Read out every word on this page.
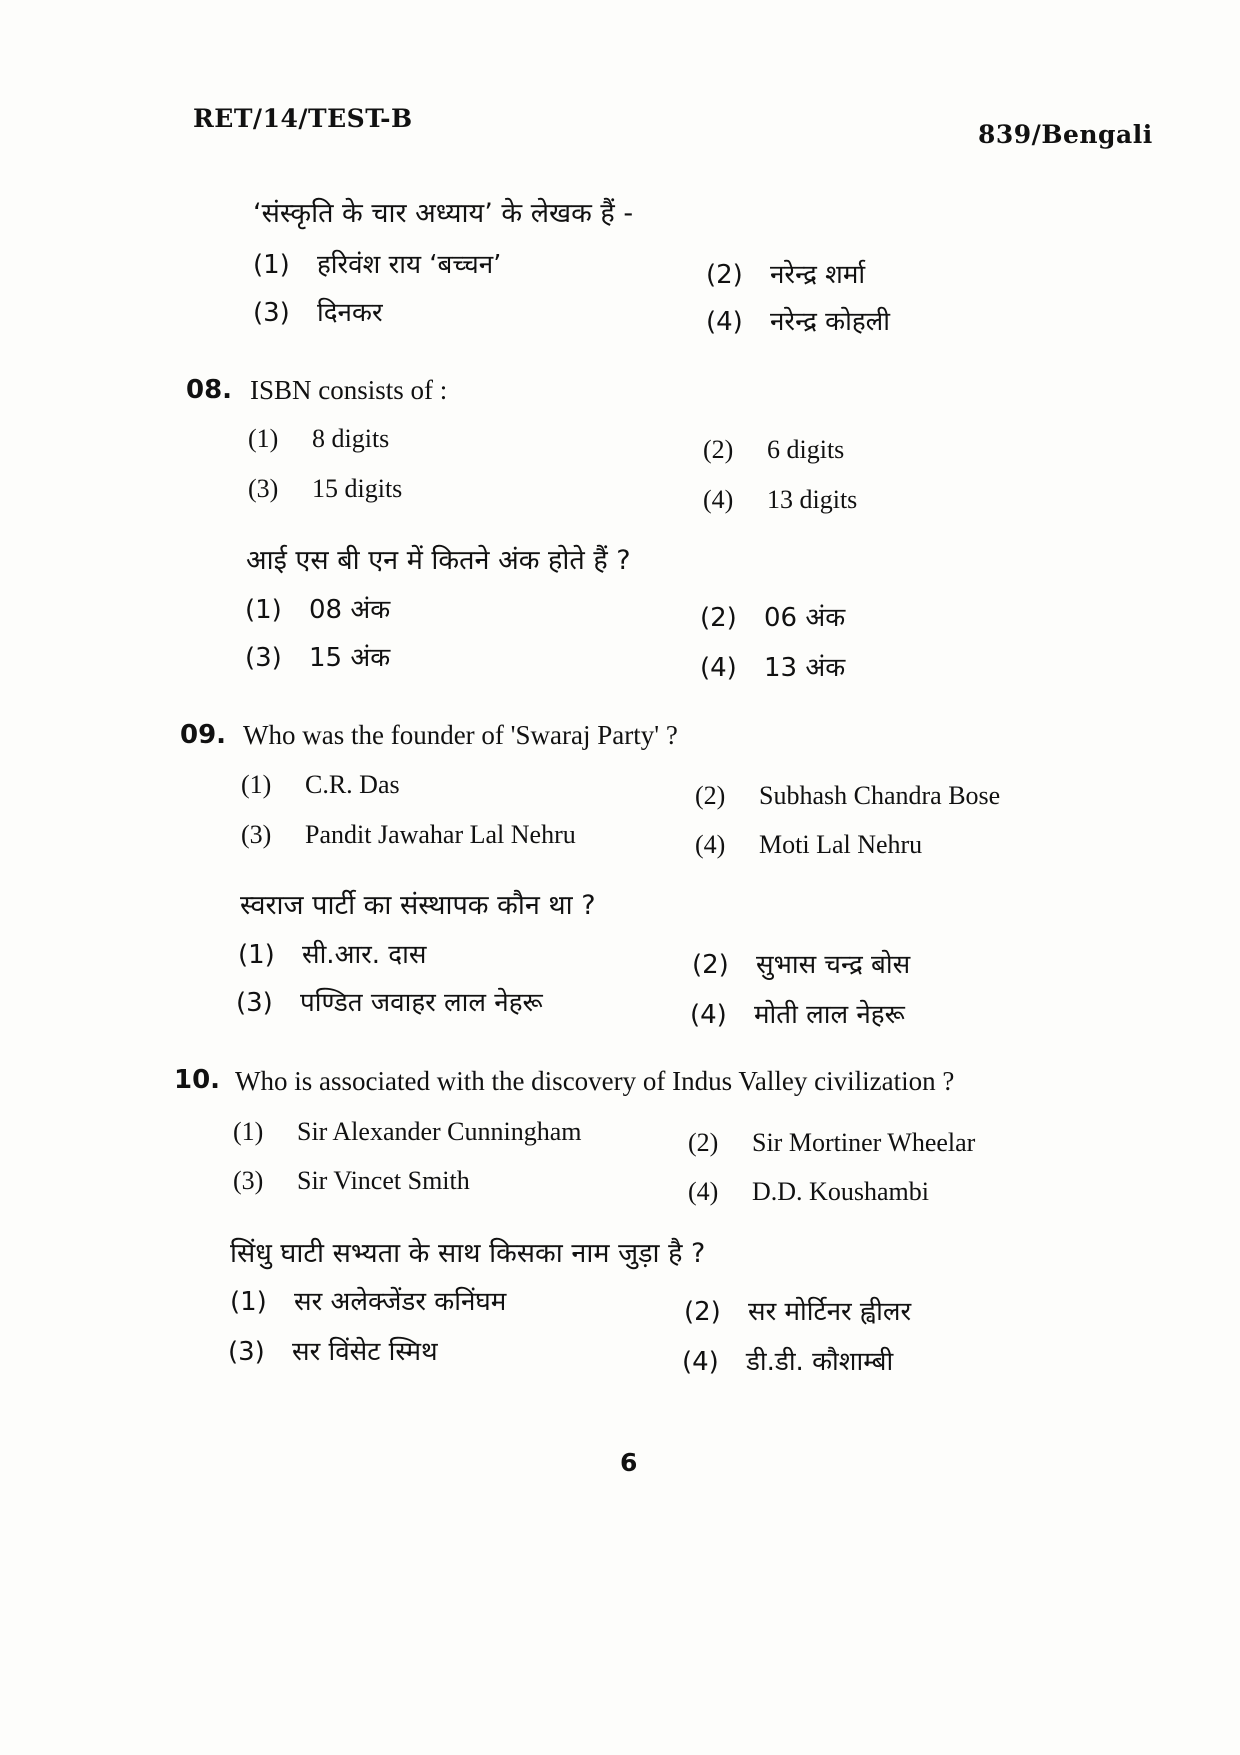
RET/14/TEST-B
839/Bengali
‘संस्कृति के चार अध्याय’ के लेखक हैं -
(1) हरिवंश राय ‘बच्चन’	(2) नरेन्द्र शर्मा
(3) दिनकर	(4) नरेन्द्र कोहली
08. ISBN consists of :
(1) 8 digits	(2) 6 digits
(3) 15 digits	(4) 13 digits
आई एस बी एन में कितने अंक होते हैं ?
(1) 08 अंक	(2) 06 अंक
(3) 15 अंक	(4) 13 अंक
09. Who was the founder of 'Swaraj Party' ?
(1) C.R. Das	(2) Subhash Chandra Bose
(3) Pandit Jawahar Lal Nehru	(4) Moti Lal Nehru
स्वराज पार्टी का संस्थापक कौन था ?
(1) सी.आर. दास	(2) सुभास चन्द्र बोस
(3) पण्डित जवाहर लाल नेहरू	(4) मोती लाल नेहरू
10. Who is associated with the discovery of Indus Valley civilization ?
(1) Sir Alexander Cunningham	(2) Sir Mortiner Wheelar
(3) Sir Vincet Smith	(4) D.D. Koushambi
सिंधु घाटी सभ्यता के साथ किसका नाम जुड़ा है ?
(1) सर अलेक्जेंडर कनिंघम	(2) सर मोर्टिनर ह्वीलर
(3) सर विंसेट स्मिथ	(4) डी.डी. कौशाम्बी
6
